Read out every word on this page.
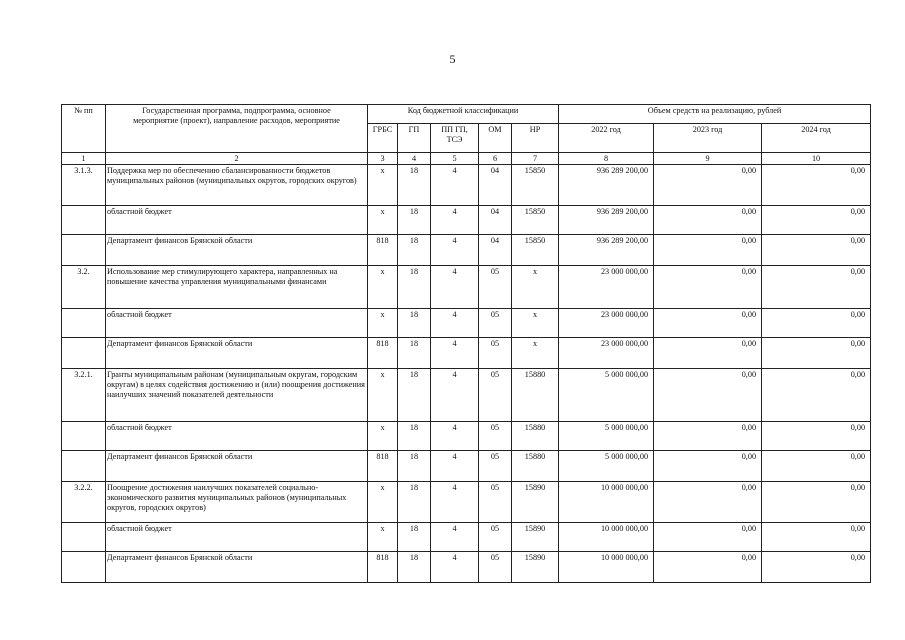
5
№ пп	Государственная программа, подпрограмма, основное
мероприятие (проект), направление расходов, мероприятие	Код бюджетной классификации					Объем средств на реализацию, рублей		
		ГРБС	ГП	ПП ГП, ТСЭ	ОМ	НР	2022 год	2023 год	2024 год
1	2	3	4	5	6	7	8	9	10
3.1.3.	Поддержка мер по обеспечению сбалансированности бюджетов муниципальных районов (муниципальных округов, городских округов)	х	18	4	04	15850	936 289 200,00	0,00	0,00
	областной бюджет	х	18	4	04	15850	936 289 200,00	0,00	0,00
	Департамент финансов Брянской области	818	18	4	04	15850	936 289 200,00	0,00	0,00
3.2.	Использование мер стимулирующего характера, направленных на повышение качества управления муниципальными финансами	х	18	4	05	х	23 000 000,00	0,00	0,00
	областной бюджет	х	18	4	05	х	23 000 000,00	0,00	0,00
	Департамент финансов Брянской области	818	18	4	05	х	23 000 000,00	0,00	0,00
3.2.1.	Гранты муниципальным районам (муниципальным округам, городским округам) в целях содействия достижению и (или) поощрения достижения наилучших значений показателей деятельности	х	18	4	05	15880	5 000 000,00	0,00	0,00
	областной бюджет	х	18	4	05	15880	5 000 000,00	0,00	0,00
	Департамент финансов Брянской области	818	18	4	05	15880	5 000 000,00	0,00	0,00
3.2.2.	Поощрение достижения наилучших показателей социально-экономического развития муниципальных районов (муниципальных округов, городских округов)	х	18	4	05	15890	10 000 000,00	0,00	0,00
	областной бюджет	х	18	4	05	15890	10 000 000,00	0,00	0,00
	Департамент финансов Брянской области	818	18	4	05	15890	10 000 000,00	0,00	0,00
